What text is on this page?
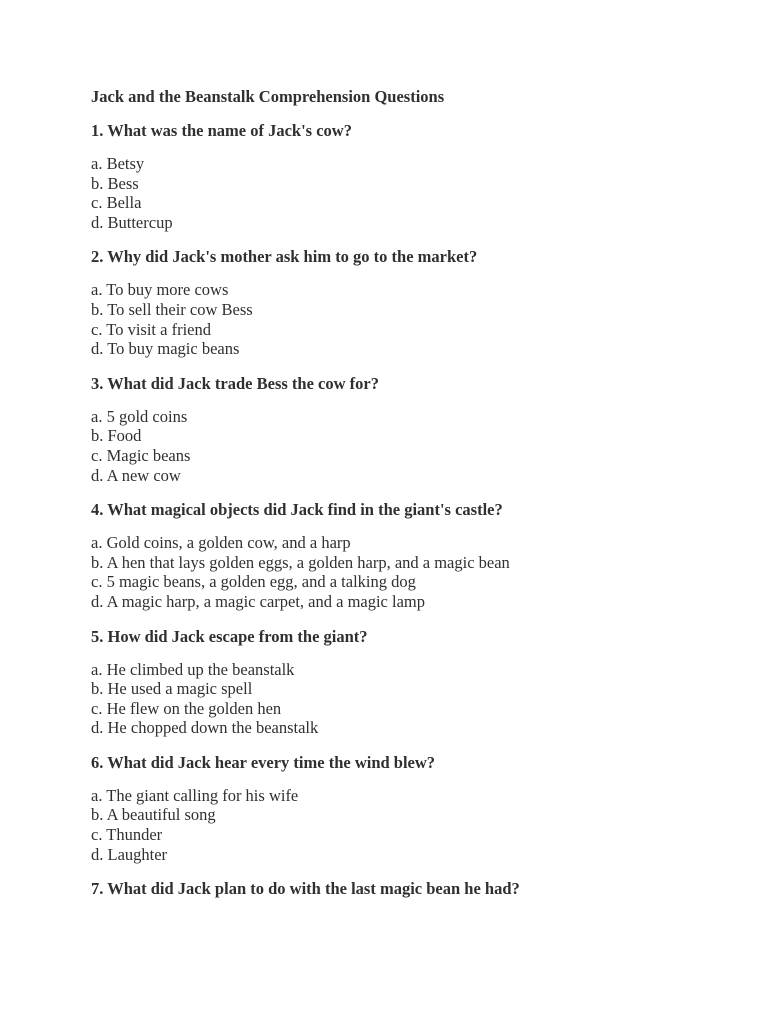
Jack and the Beanstalk Comprehension Questions
1. What was the name of Jack's cow?
a. Betsy
b. Bess
c. Bella
d. Buttercup
2. Why did Jack's mother ask him to go to the market?
a. To buy more cows
b. To sell their cow Bess
c. To visit a friend
d. To buy magic beans
3. What did Jack trade Bess the cow for?
a. 5 gold coins
b. Food
c. Magic beans
d. A new cow
4. What magical objects did Jack find in the giant's castle?
a. Gold coins, a golden cow, and a harp
b. A hen that lays golden eggs, a golden harp, and a magic bean
c. 5 magic beans, a golden egg, and a talking dog
d. A magic harp, a magic carpet, and a magic lamp
5. How did Jack escape from the giant?
a. He climbed up the beanstalk
b. He used a magic spell
c. He flew on the golden hen
d. He chopped down the beanstalk
6. What did Jack hear every time the wind blew?
a. The giant calling for his wife
b. A beautiful song
c. Thunder
d. Laughter
7. What did Jack plan to do with the last magic bean he had?
